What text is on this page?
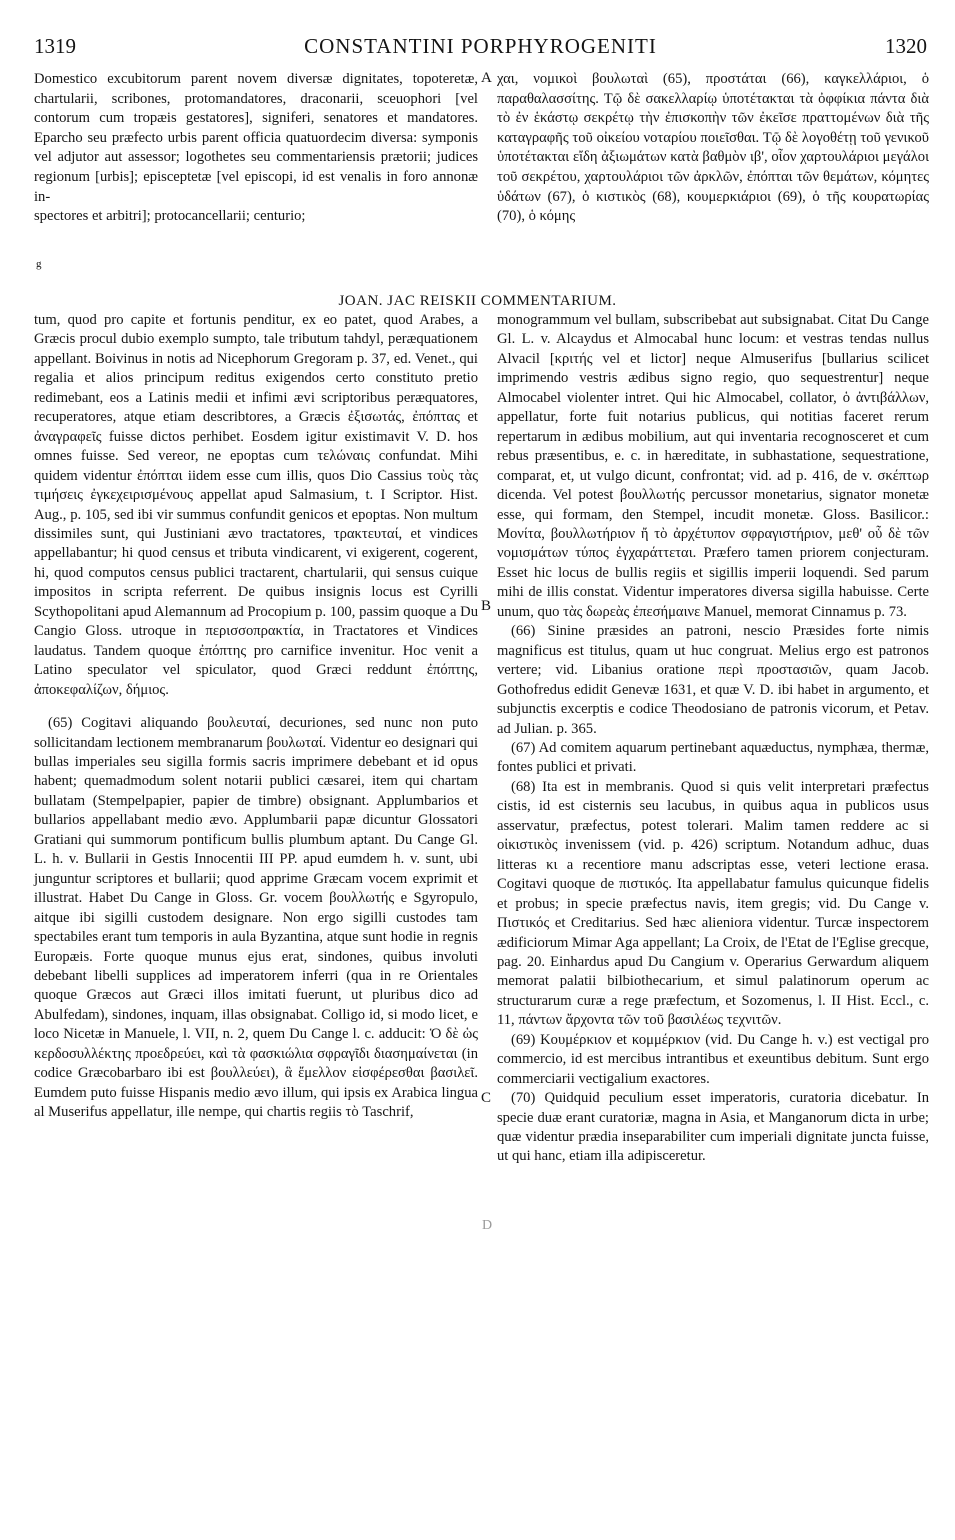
1319	CONSTANTINI PORPHYROGENITI	1320

Domestico excubitorum parent novem diversæ dignitates, topoteretæ, chartularii, scribones, protomandatores, draconarii, sceuophori [vel contorum cum tropæis gestatores], signiferi, senatores et mandatores. Eparcho seu præfecto urbis parent officia quatuordecim diversa: symponis vel adjutor aut assessor; logothetes seu commentariensis prætorii; judices regionum [urbis]; episceptetæ [vel episcopi, id est venalis in foro annonæ in-

spectores et arbitri]; protocancellarii; centurio;

χαι, νομικοὶ βουλωταὶ (65), προστάται (66), καγκελλάριοι, ὁ παραθαλασσίτης. Τῷ δὲ σακελλαρίῳ ὑποτέτακται τὰ ὀφφίκια πάντα διὰ τὸ ἐν ἑκάστῳ σεκρέτῳ τὴν ἐπισκοπὴν τῶν ἐκεῖσε πραττομένων διὰ τῆς καταγραφῆς τοῦ οἰκείου νοταρίου ποιεῖσθαι. Τῷ δὲ λογοθέτῃ τοῦ γενικοῦ ὑποτέτακται εἴδη ἀξιωμάτων κατὰ βαθμὸν ιβ', οἷον χαρτουλάριοι μεγάλοι τοῦ σεκρέτου, χαρτουλάριοι τῶν ἀρκλῶν, ἐπόπται τῶν θεμάτων, κόμητες ὑδάτων (67), ὁ κιστικὸς (68), κουμερκιάριοι (69), ὁ τῆς κουρατωρίας (70), ὁ κόμης

A
g
B
C
D
JOAN. JAC REISKII COMMENTARIUM.

tum, quod pro capite et fortunis penditur, ex eo patet, quod Arabes, a Græcis procul dubio exemplo sumpto, tale tributum tahdyl, peræquationem appellant. Boivinus in notis ad Nicephorum Gregoram p. 37, ed. Venet., qui regalia et alios principum reditus exigendos certo constituto pretio redimebant, eos a Latinis medii et infimi ævi scriptoribus peræquatores, recuperatores, atque etiam describtores, a Græcis ἐξισωτάς, ἐπόπτας et ἀναγραφεῖς fuisse dictos perhibet. Eosdem igitur existimavit V. D. hos omnes fuisse. Sed vereor, ne epoptas cum τελώναις confundat. Mihi quidem videntur ἐπόπται iidem esse cum illis, quos Dio Cassius τοὺς τὰς τιμήσεις ἐγκεχειρισμένους appellat apud Salmasium, t. I Scriptor. Hist. Aug., p. 105, sed ibi vir summus confundit genicos et epoptas. Non multum dissimiles sunt, qui Justiniani ævo tractatores, τρακτευταί, et vindices appellabantur; hi quod census et tributa vindicarent, vi exigerent, cogerent, hi, quod computos census publici tractarent, chartularii, qui sensus cuique impositos in scripta referrent. De quibus insignis locus est Cyrilli Scythopolitani apud Alemannum ad Procopium p. 100, passim quoque a Du Cangio Gloss. utroque in περισσοπρακτία, in Tractatores et Vindices laudatus. Tandem quoque ἐπόπτης pro carnifice invenitur. Hoc venit a Latino speculator vel spiculator, quod Græci reddunt ἐπόπτης, ἀποκεφαλίζων, δήμιος.

(65) Cogitavi aliquando βουλευταί, decuriones, sed nunc non puto sollicitandam lectionem membranarum βουλωταί. Videntur eo designari qui bullas imperiales seu sigilla formis sacris imprimere debebant et id opus habent; quemadmodum solent notarii publici cæsarei, item qui chartam bullatam (Stempelpapier, papier de timbre) obsignant. Applumbarios et bullarios appellabant medio ævo. Applumbarii papæ dicuntur Glossatori Gratiani qui summorum pontificum bullis plumbum aptant. Du Cange Gl. L. h. v. Bullarii in Gestis Innocentii III PP. apud eumdem h. v. sunt, ubi junguntur scriptores et bullarii; quod apprime Græcam vocem exprimit et illustrat. Habet Du Cange in Gloss. Gr. vocem βουλλωτής e Sgyropulo, aitque ibi sigilli custodem designare. Non ergo sigilli custodes tam spectabiles erant tum temporis in aula Byzantina, atque sunt hodie in regnis Europæis. Forte quoque munus ejus erat, sindones, quibus involuti debebant libelli supplices ad imperatorem inferri (qua in re Orientales quoque Græcos aut Græci illos imitati fuerunt, ut pluribus dico ad Abulfedam), sindones, inquam, illas obsignabat. Colligo id, si modo licet, e loco Nicetæ in Manuele, l. VII, n. 2, quem Du Cange l. c. adducit: Ὁ δὲ ὡς κερδοσυλλέκτης προεδρεύει, καὶ τὰ φασκιώλια σφραγῖδι διασημαίνεται (in codice Græcobarbaro ibi est βουλλεύει), ἃ ἔμελλον εἰσφέρεσθαι βασιλεῖ. Eumdem puto fuisse Hispanis medio ævo illum, qui ipsis ex Arabica lingua al Muserifus appellatur, ille nempe, qui chartis regiis τὸ Taschrif,

monogrammum vel bullam, subscribebat aut subsignabat. Citat Du Cange Gl. L. v. Alcaydus et Almocabal hunc locum: et vestras tendas nullus Alvacil [κριτής vel et lictor] neque Almuserifus [bullarius scilicet imprimendo vestris ædibus signo regio, quo sequestrentur] neque Almocabel violenter intret. Qui hic Almocabel, collator, ὁ ἀντιβάλλων, appellatur, forte fuit notarius publicus, qui notitias faceret rerum repertarum in ædibus mobilium, aut qui inventaria recognosceret et cum rebus præsentibus, e. c. in hæreditate, in subhastatione, sequestratione, comparat, et, ut vulgo dicunt, confrontat; vid. ad p. 416, de v. σκέπτωρ dicenda. Vel potest βουλλωτής percussor monetarius, signator monetæ esse, qui formam, den Stempel, incudit monetæ. Gloss. Basilicor.: Μονίτα, βουλλωτήριον ἤ τὸ ἀρχέτυπον σφραγιστήριον, μεθ' οὗ δὲ τῶν νομισμάτων τύπος ἐγχαράττεται. Præfero tamen priorem conjecturam. Esset hic locus de bullis regiis et sigillis imperii loquendi. Sed parum mihi de illis constat. Videntur imperatores diversa sigilla habuisse. Certe unum, quo τὰς δωρεὰς ἐπεσήμαινε Manuel, memorat Cinnamus p. 73.

(66) Sinine præsides an patroni, nescio Præsides forte nimis magnificus est titulus, quam ut huc congruat. Melius ergo est patronos vertere; vid. Libanius oratione περὶ προστασιῶν, quam Jacob. Gothofredus edidit Genevæ 1631, et quæ V. D. ibi habet in argumento, et subjunctis excerptis e codice Theodosiano de patronis vicorum, et Petav. ad Julian. p. 365.

(67) Ad comitem aquarum pertinebant aquæductus, nymphæa, thermæ, fontes publici et privati.

(68) Ita est in membranis. Quod si quis velit interpretari præfectus cistis, id est cisternis seu lacubus, in quibus aqua in publicos usus asservatur, præfectus, potest tolerari. Malim tamen reddere ac si οἰκιστικὸς invenissem (vid. p. 426) scriptum. Notandum adhuc, duas litteras κι a recentiore manu adscriptas esse, veteri lectione erasa. Cogitavi quoque de πιστικός. Ita appellabatur famulus quicunque fidelis et probus; in specie præfectus navis, item gregis; vid. Du Cange v. Πιστικός et Creditarius. Sed hæc alieniora videntur. Turcæ inspectorem ædificiorum Mimar Aga appellant; La Croix, de l'Etat de l'Eglise grecque, pag. 20. Einhardus apud Du Cangium v. Operarius Gerwardum aliquem memorat palatii bilbiothecarium, et simul palatinorum operum ac structurarum curæ a rege præfectum, et Sozomenus, l. II Hist. Eccl., c. 11, πάντων ἄρχοντα τῶν τοῦ βασιλέως τεχνιτῶν.

(69) Κουμέρκιον et κομμέρκιον (vid. Du Cange h. v.) est vectigal pro commercio, id est mercibus intrantibus et exeuntibus debitum. Sunt ergo commerciarii vectigalium exactores.

(70) Quidquid peculium esset imperatoris, curatoria dicebatur. In specie duæ erant curatoriæ, magna in Asia, et Manganorum dicta in urbe; quæ videntur prædia inseparabiliter cum imperiali dignitate juncta fuisse, ut qui hanc, etiam illa adipisceretur.
